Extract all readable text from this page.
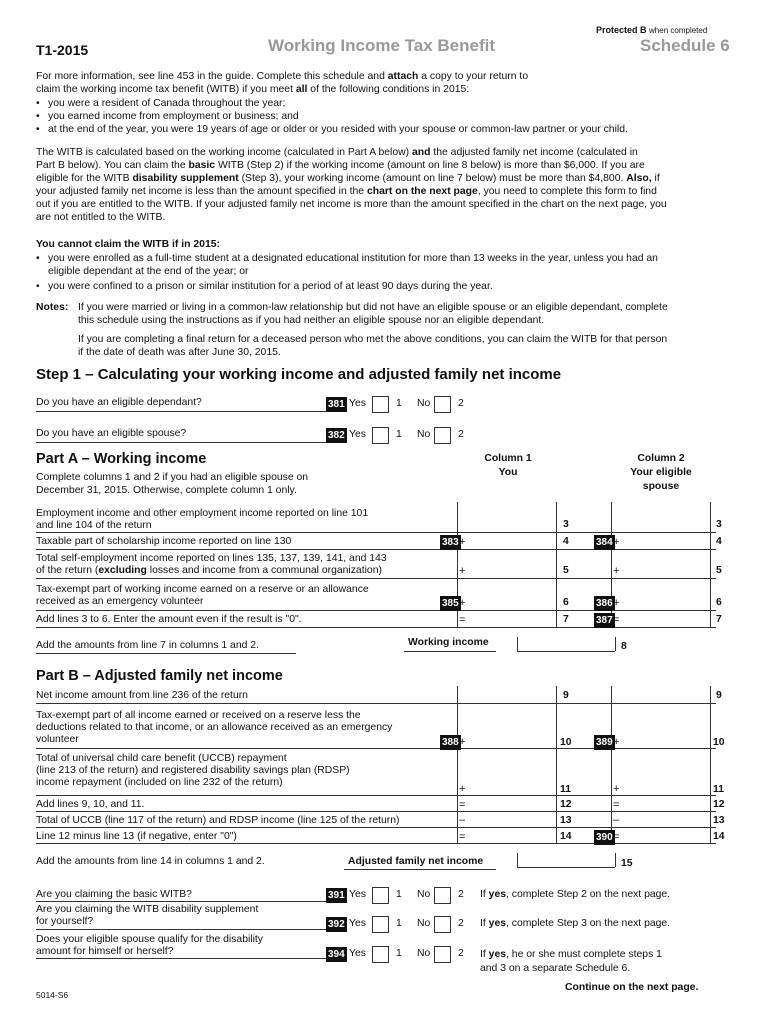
Protected B when completed
T1-2015	Working Income Tax Benefit	Schedule 6
For more information, see line 453 in the guide. Complete this schedule and attach a copy to your return to
claim the working income tax benefit (WITB) if you meet all of the following conditions in 2015:
• you were a resident of Canada throughout the year;
• you earned income from employment or business; and
• at the end of the year, you were 19 years of age or older or you resided with your spouse or common-law partner or your child.
The WITB is calculated based on the working income (calculated in Part A below) and the adjusted family net income (calculated in
Part B below). You can claim the basic WITB (Step 2) if the working income (amount on line 8 below) is more than $6,000. If you are
eligible for the WITB disability supplement (Step 3), your working income (amount on line 7 below) must be more than $4,800. Also, if
your adjusted family net income is less than the amount specified in the chart on the next page, you need to complete this form to find
out if you are entitled to the WITB. If your adjusted family net income is more than the amount specified in the chart on the next page, you
are not entitled to the WITB.
You cannot claim the WITB if in 2015:
• you were enrolled as a full-time student at a designated educational institution for more than 13 weeks in the year, unless you had an
eligible dependant at the end of the year; or
• you were confined to a prison or similar institution for a period of at least 90 days during the year.
Notes: If you were married or living in a common-law relationship but did not have an eligible spouse or an eligible dependant, complete
this schedule using the instructions as if you had neither an eligible spouse nor an eligible dependant.
If you are completing a final return for a deceased person who met the above conditions, you can claim the WITB for that person
if the date of death was after June 30, 2015.
Step 1 – Calculating your working income and adjusted family net income
Do you have an eligible dependant?	381 Yes	1 No	2
Do you have an eligible spouse?	382 Yes	1 No	2
Part A – Working income
Complete columns 1 and 2 if you had an eligible spouse on
December 31, 2015. Otherwise, complete column 1 only.
Column 1
You
Column 2
Your eligible
spouse
Employment income and other employment income reported on line 101
and line 104 of the return	3	3
Taxable part of scholarship income reported on line 130	383 +	4	384 +	4
Total self-employment income reported on lines 135, 137, 139, 141, and 143
of the return (excluding losses and income from a communal organization)	+	5	+	5
Tax-exempt part of working income earned on a reserve or an allowance
received as an emergency volunteer	385 +	6	386 +	6
Add lines 3 to 6. Enter the amount even if the result is "0".	=	7	387 =	7
Add the amounts from line 7 in columns 1 and 2.	Working income	8
Part B – Adjusted family net income
Net income amount from line 236 of the return	9	9
Tax-exempt part of all income earned or received on a reserve less the
deductions related to that income, or an allowance received as an emergency
volunteer	388 +	10 389 +	10
Total of universal child care benefit (UCCB) repayment
(line 213 of the return) and registered disability savings plan (RDSP)
income repayment (included on line 232 of the return)
+	11	+	11
Add lines 9, 10, and 11.	=	12	=	12
Total of UCCB (line 117 of the return) and RDSP income (line 125 of the return)	–	13	–	13
Line 12 minus line 13 (if negative, enter "0")	=	14 390 =	14
Add the amounts from line 14 in columns 1 and 2.	Adjusted family net income	15
Are you claiming the basic WITB?	391 Yes	1 No	2 If yes, complete Step 2 on the next page.
Are you claiming the WITB disability supplement
for yourself?	392 Yes	1 No	2 If yes, complete Step 3 on the next page.
Does your eligible spouse qualify for the disability
amount for himself or herself?	394 Yes	1 No	2 If yes, he or she must complete steps 1
and 3 on a separate Schedule 6.
5014-S6
Continue on the next page.
